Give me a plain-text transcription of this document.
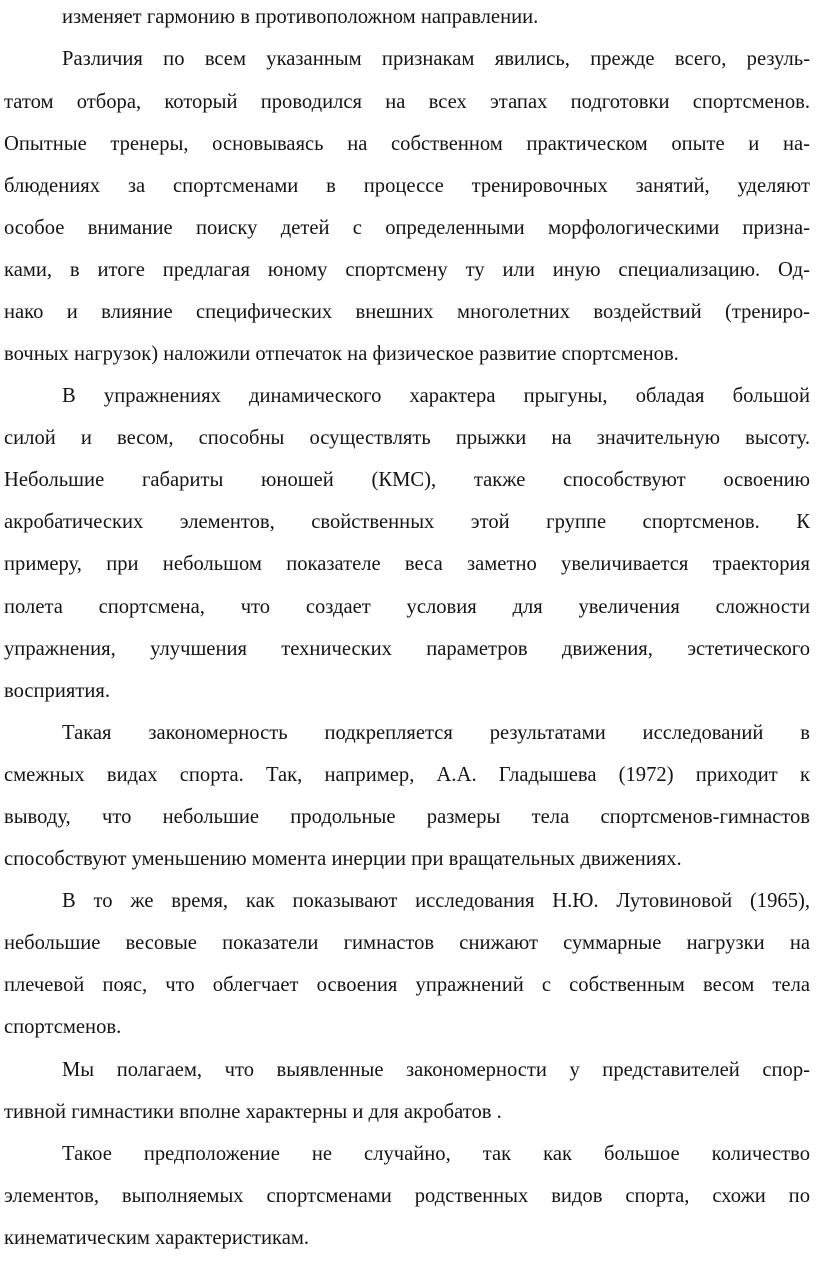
изменяет гармонию в противоположном направлении.
Различия по всем указанным признакам явились, прежде всего, резуль-
татом отбора, который проводился на всех этапах подготовки спортсменов.
Опытные тренеры, основываясь на собственном практическом опыте и на-
блюдениях за спортсменами в процессе тренировочных занятий, уделяют
особое внимание поиску детей с определенными морфологическими призна-
ками, в итоге предлагая юному спортсмену ту или иную специализацию. Од-
нако и влияние специфических внешних многолетних воздействий (трениро-
вочных нагрузок) наложили отпечаток на физическое развитие спортсменов.
В упражнениях динамического характера прыгуны, обладая большой
силой и весом, способны осуществлять прыжки на значительную высоту.
Небольшие габариты юношей (КМС), также способствуют освоению
акробатических элементов, свойственных этой группе спортсменов. К
примеру, при небольшом показателе веса заметно увеличивается траектория
полета спортсмена, что создает условия для увеличения сложности
упражнения, улучшения технических параметров движения, эстетического
восприятия.
Такая закономерность подкрепляется результатами исследований в
смежных видах спорта. Так, например, А.А. Гладышева (1972) приходит к
выводу, что небольшие продольные размеры тела спортсменов-гимнастов
способствуют уменьшению момента инерции при вращательных движениях.
В то же время, как показывают исследования Н.Ю. Лутовиновой (1965),
небольшие весовые показатели гимнастов снижают суммарные нагрузки на
плечевой пояс, что облегчает освоения упражнений с собственным весом тела
спортсменов.
Мы полагаем, что выявленные закономерности у представителей спор-
тивной гимнастики вполне характерны и для акробатов .
Такое предположение не случайно, так как большое количество
элементов, выполняемых спортсменами родственных видов спорта, схожи по
кинематическим характеристикам.
